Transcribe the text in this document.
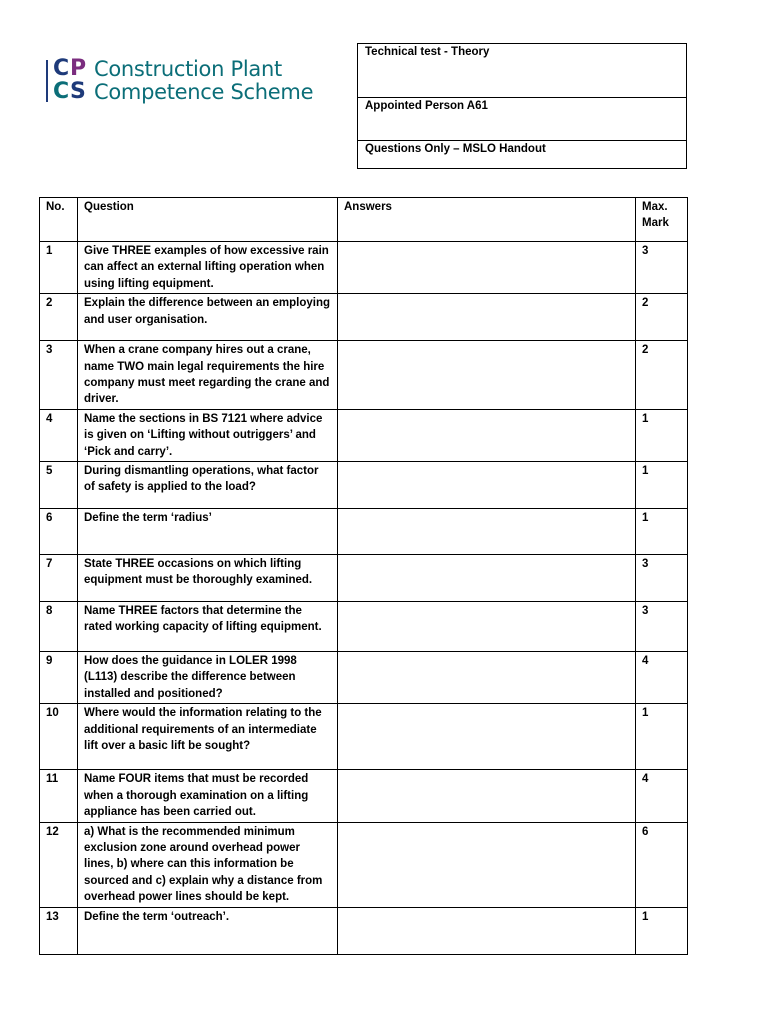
C P
C S
Construction Plant
Competence Scheme
Technical test - Theory
Appointed Person A61
Questions Only – MSLO Handout
No.	Question	Answers	Max. Mark
1	Give THREE examples of how excessive rain can affect an external lifting operation when using lifting equipment.		3
2	Explain the difference between an employing and user organisation.		2
3	When a crane company hires out a crane, name TWO main legal requirements the hire company must meet regarding the crane and driver.		2
4	Name the sections in BS 7121 where advice is given on ‘Lifting without outriggers’ and ‘Pick and carry’.		1
5	During dismantling operations, what factor of safety is applied to the load?		1
6	Define the term ‘radius’		1
7	State THREE occasions on which lifting equipment must be thoroughly examined.		3
8	Name THREE factors that determine the rated working capacity of lifting equipment.		3
9	How does the guidance in LOLER 1998 (L113) describe the difference between installed and positioned?		4
10	Where would the information relating to the additional requirements of an intermediate lift over a basic lift be sought?		1
11	Name FOUR items that must be recorded when a thorough examination on a lifting appliance has been carried out.		4
12	a) What is the recommended minimum exclusion zone around overhead power lines, b) where can this information be sourced and c) explain why a distance from overhead power lines should be kept.		6
13	Define the term ‘outreach’.		1
